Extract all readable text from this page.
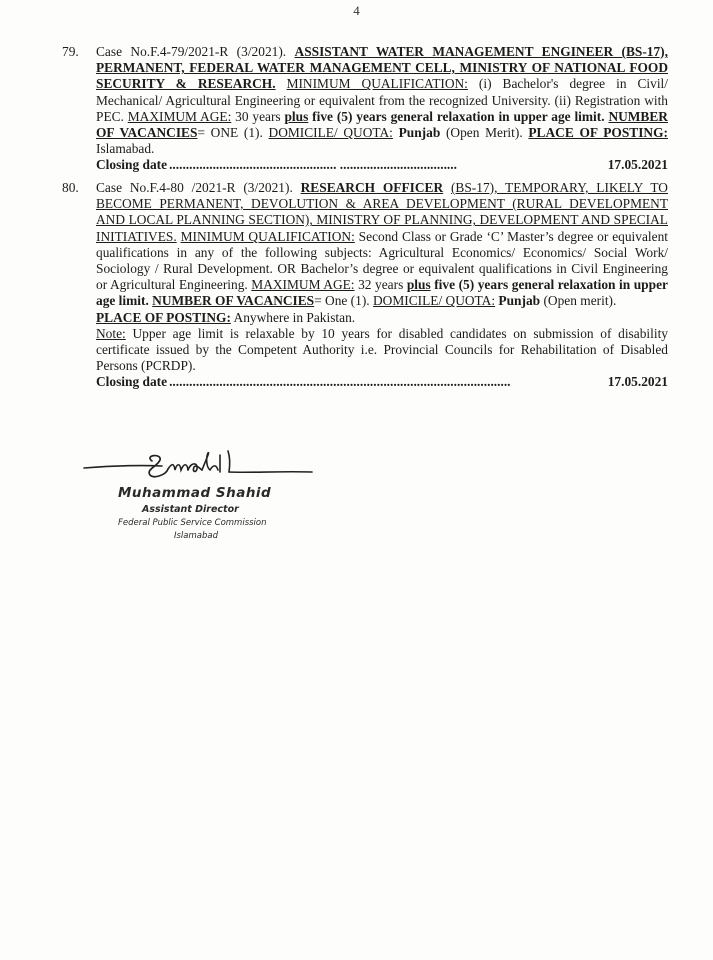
4
79. Case No.F.4-79/2021-R (3/2021). ASSISTANT WATER MANAGEMENT ENGINEER (BS-17), PERMANENT, FEDERAL WATER MANAGEMENT CELL, MINISTRY OF NATIONAL FOOD SECURITY & RESEARCH. MINIMUM QUALIFICATION: (i) Bachelor's degree in Civil/ Mechanical/ Agricultural Engineering or equivalent from the recognized University. (ii) Registration with PEC. MAXIMUM AGE: 30 years plus five (5) years general relaxation in upper age limit. NUMBER OF VACANCIES= ONE (1). DOMICILE/ QUOTA: Punjab (Open Merit). PLACE OF POSTING: Islamabad.
Closing date .................................................. ...................................	17.05.2021
80. Case No.F.4-80 /2021-R (3/2021). RESEARCH OFFICER (BS-17), TEMPORARY, LIKELY TO BECOME PERMANENT, DEVOLUTION & AREA DEVELOPMENT (RURAL DEVELOPMENT AND LOCAL PLANNING SECTION), MINISTRY OF PLANNING, DEVELOPMENT AND SPECIAL INITIATIVES. MINIMUM QUALIFICATION: Second Class or Grade ‘C’ Master’s degree or equivalent qualifications in any of the following subjects: Agricultural Economics/ Economics/ Social Work/ Sociology / Rural Development. OR Bachelor’s degree or equivalent qualifications in Civil Engineering or Agricultural Engineering. MAXIMUM AGE: 32 years plus five (5) years general relaxation in upper age limit. NUMBER OF VACANCIES= One (1). DOMICILE/ QUOTA: Punjab (Open merit).
PLACE OF POSTING: Anywhere in Pakistan.
Note: Upper age limit is relaxable by 10 years for disabled candidates on submission of disability certificate issued by the Competent Authority i.e. Provincial Councils for Rehabilitation of Disabled Persons (PCRDP).
Closing date ......................................................................................................	17.05.2021
Muhammad Shahid
Assistant Director
Federal Public Service Commission
Islamabad
